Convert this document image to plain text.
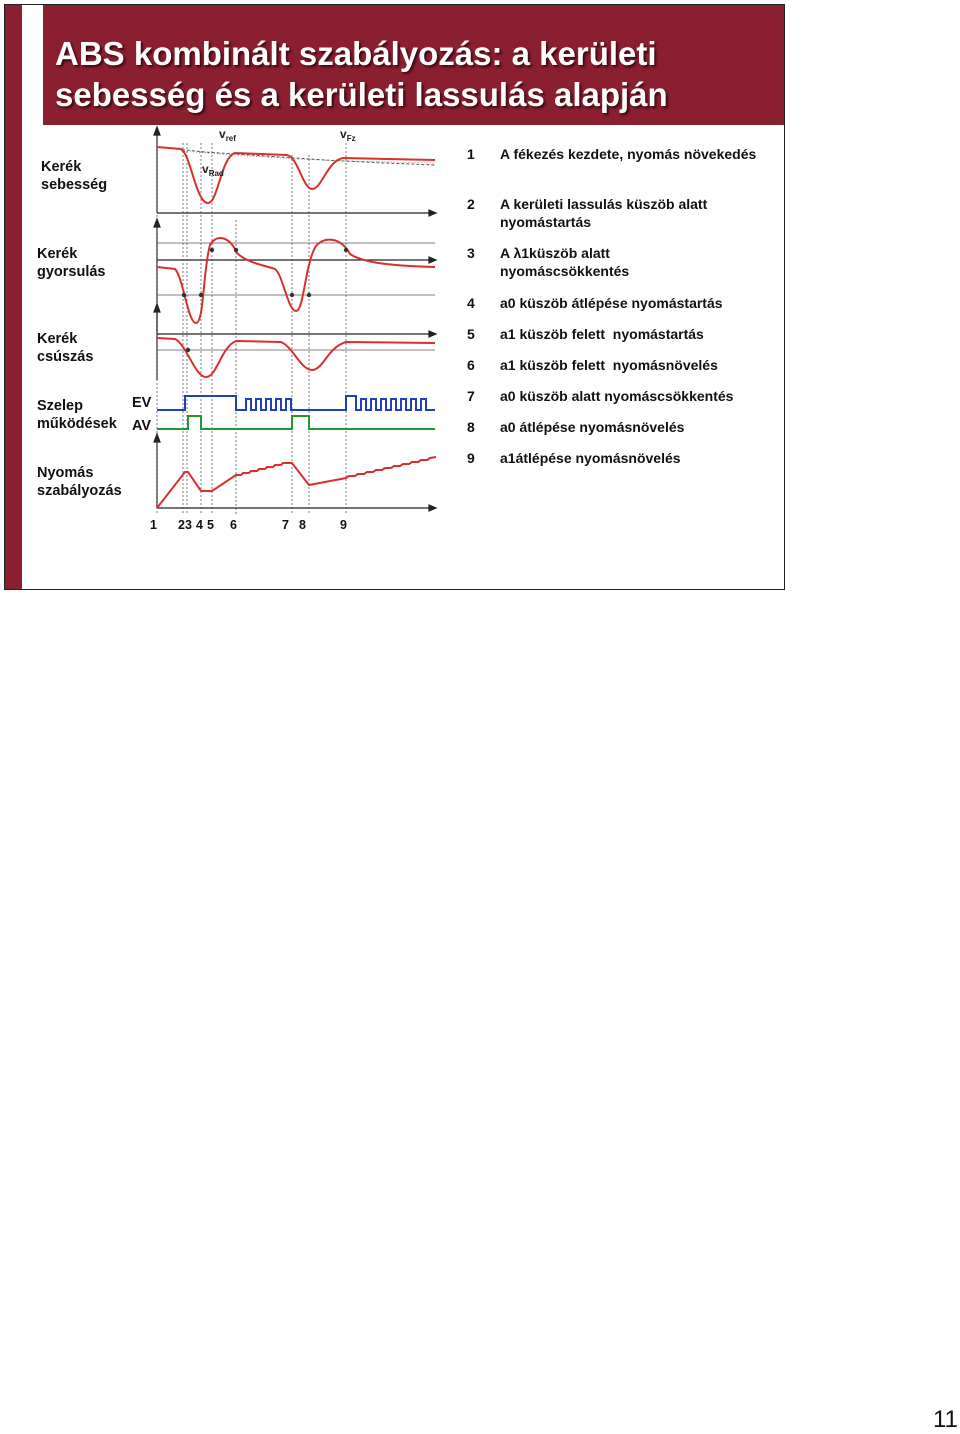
ABS kombinált szabályozás: a kerületi
sebesség és a kerületi lassulás alapján
$v_{ref}$	$v_{Fz}$
$v_{Rad}$

Kerék
sebesség

Kerék
gyorsulás

Kerék
csúszás

Szelep
működések

Nyomás
szabályozás

EV
AV
1 2 3 4 5 6	7 8	9
1	A fékezés kezdete, nyomás növekedés
2	A kerületi lassulás küszöb alatt nyomástartás
3	A λ1küszöb alatt nyomáscsökkentés
4	a0 küszöb átlépése nyomástartás
5	a1 küszöb felett  nyomástartás
6	a1 küszöb felett  nyomásnövelés
7	a0 küszöb alatt nyomáscsökkentés
8	a0 átlépése nyomásnövelés
9	a1átlépése nyomásnövelés
11
